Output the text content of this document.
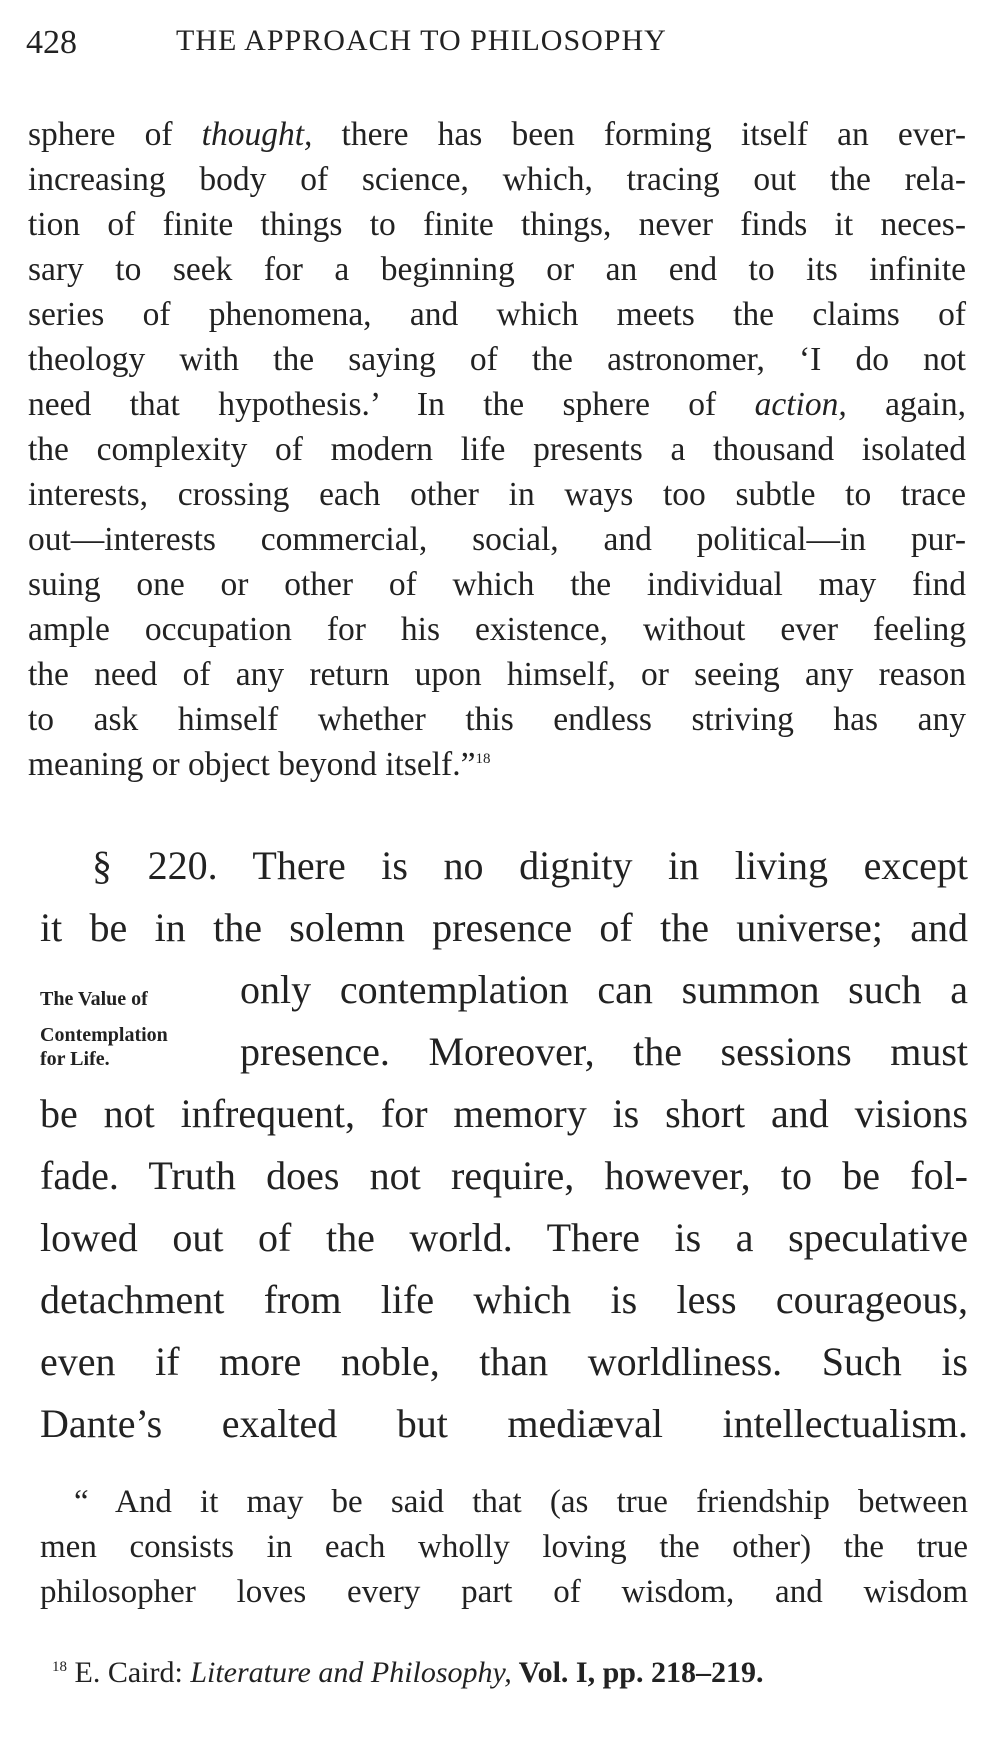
428	THE APPROACH TO PHILOSOPHY
sphere of thought, there has been forming itself an ever-
increasing body of science, which, tracing out the rela-
tion of finite things to finite things, never finds it neces-
sary to seek for a beginning or an end to its infinite
series of phenomena, and which meets the claims of
theology with the saying of the astronomer, ‘I do not
need that hypothesis.’ In the sphere of action, again,
the complexity of modern life presents a thousand isolated
interests, crossing each other in ways too subtle to trace
out—interests commercial, social, and political—in pur-
suing one or other of which the individual may find
ample occupation for his existence, without ever feeling
the need of any return upon himself, or seeing any reason
to ask himself whether this endless striving has any
meaning or object beyond itself.”$^{18}$
§ 220. There is no dignity in living except
it be in the solemn presence of the universe; and
The Value of	only contemplation can summon such a
Contemplation
for Life.	presence. Moreover, the sessions must
be not infrequent, for memory is short and visions
fade. Truth does not require, however, to be fol-
lowed out of the world. There is a speculative
detachment from life which is less courageous,
even if more noble, than worldliness. Such is
Dante’s exalted but mediæval intellectualism.
“ And it may be said that (as true friendship between
men consists in each wholly loving the other) the true
philosopher loves every part of wisdom, and wisdom
$^{18}$ E. Caird: Literature and Philosophy, Vol. I, pp. 218–219.
